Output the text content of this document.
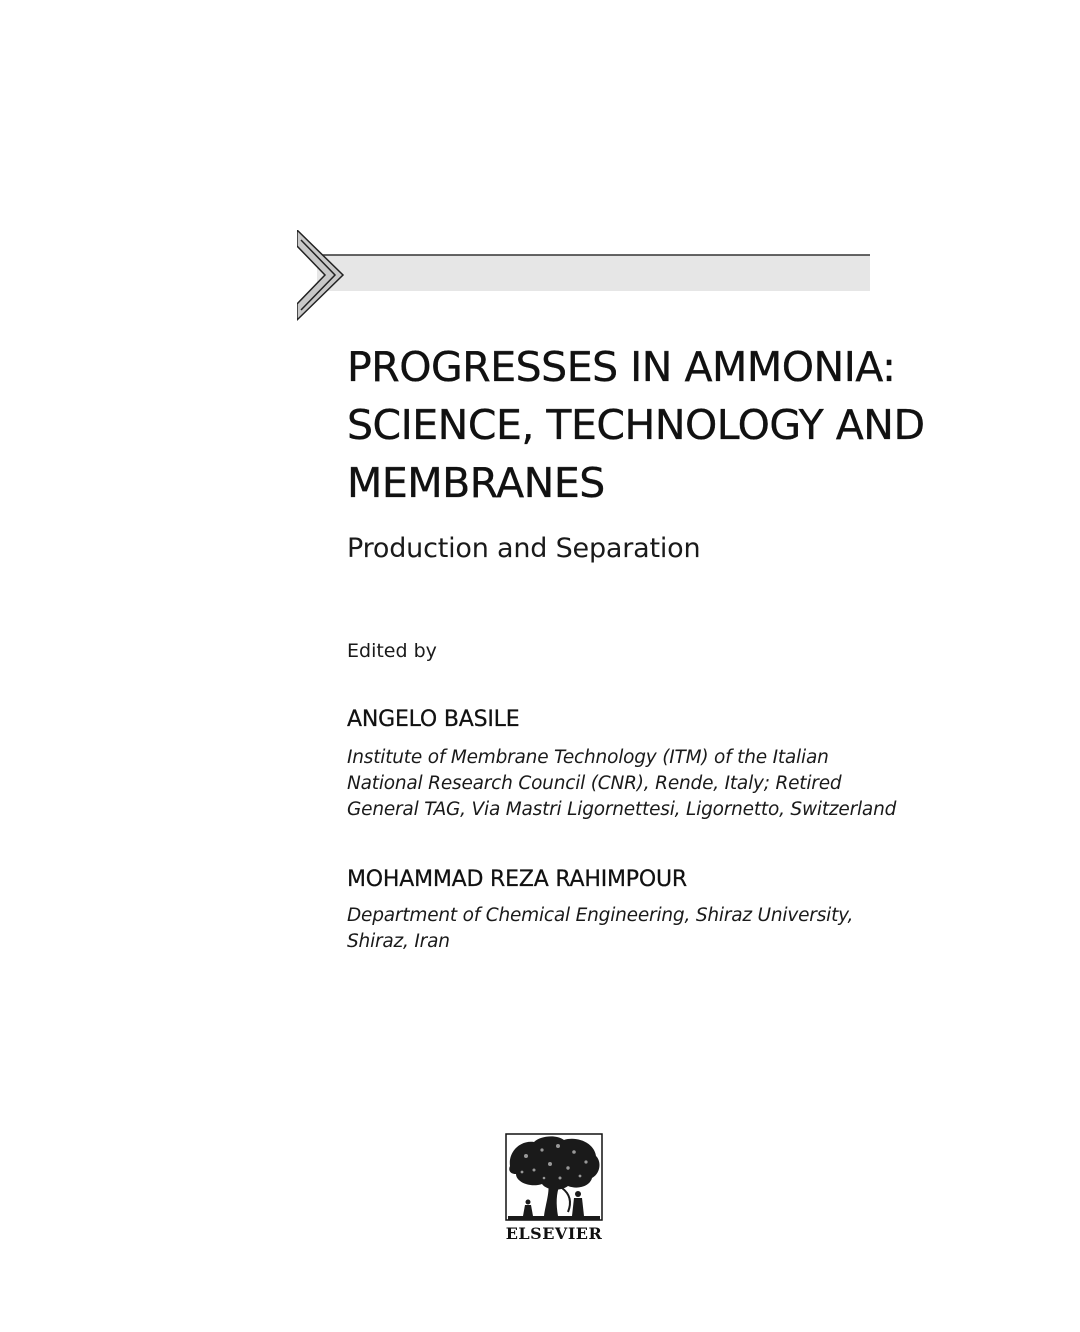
PROGRESSES IN AMMONIA:
SCIENCE, TECHNOLOGY AND
MEMBRANES
Production and Separation
Edited by
ANGELO BASILE
Institute of Membrane Technology (ITM) of the Italian
National Research Council (CNR), Rende, Italy; Retired
General TAG, Via Mastri Ligornettesi, Ligornetto, Switzerland
MOHAMMAD REZA RAHIMPOUR
Department of Chemical Engineering, Shiraz University,
Shiraz, Iran
ELSEVIER
